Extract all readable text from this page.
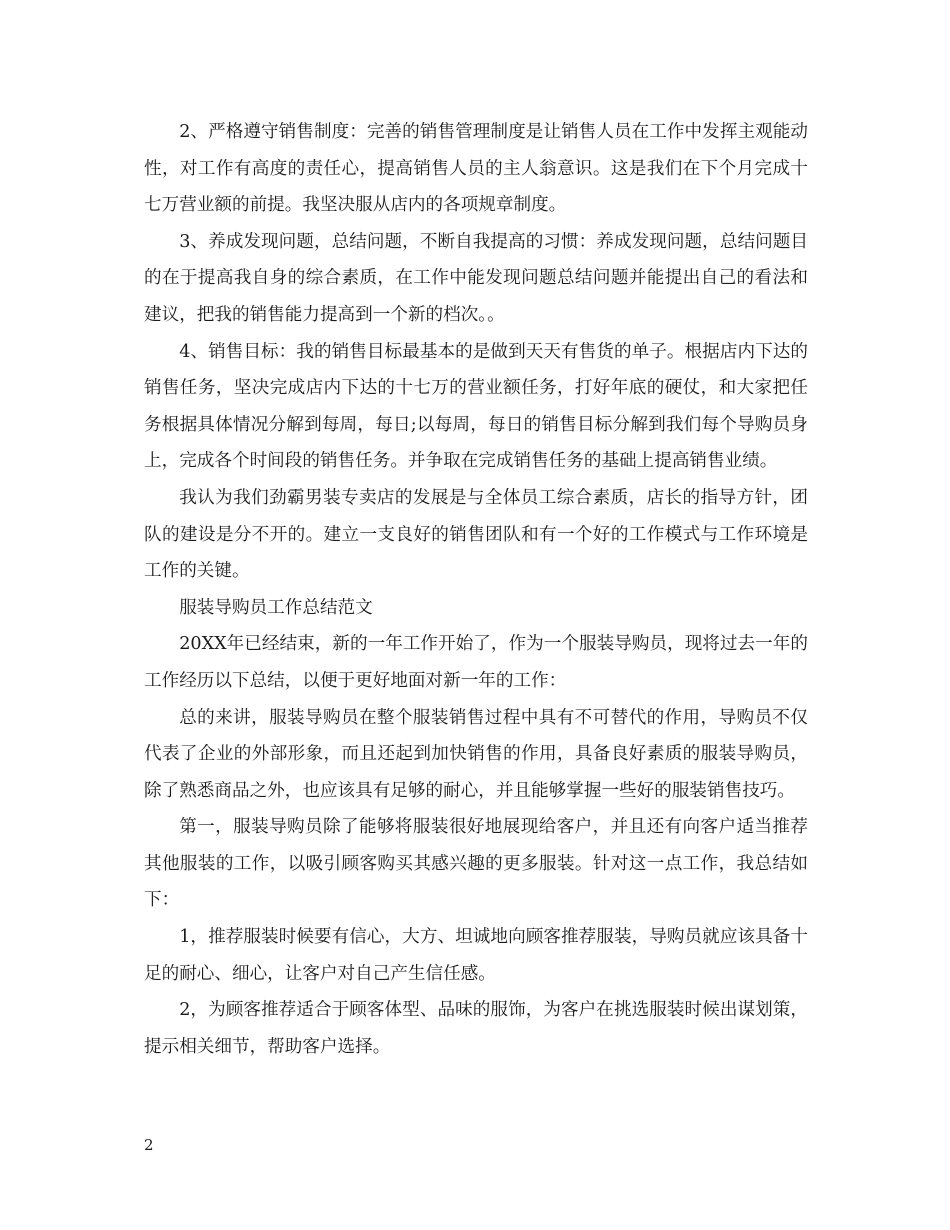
2、严格遵守销售制度：完善的销售管理制度是让销售人员在工作中发挥主观能动性，对工作有高度的责任心，提高销售人员的主人翁意识。这是我们在下个月完成十七万营业额的前提。我坚决服从店内的各项规章制度。

3、养成发现问题，总结问题，不断自我提高的习惯：养成发现问题，总结问题目的在于提高我自身的综合素质，在工作中能发现问题总结问题并能提出自己的看法和建议，把我的销售能力提高到一个新的档次。。

4、销售目标：我的销售目标最基本的是做到天天有售货的单子。根据店内下达的销售任务，坚决完成店内下达的十七万的营业额任务，打好年底的硬仗，和大家把任务根据具体情况分解到每周，每日;以每周，每日的销售目标分解到我们每个导购员身上，完成各个时间段的销售任务。并争取在完成销售任务的基础上提高销售业绩。

我认为我们劲霸男装专卖店的发展是与全体员工综合素质，店长的指导方针，团队的建设是分不开的。建立一支良好的销售团队和有一个好的工作模式与工作环境是工作的关键。

服装导购员工作总结范文

20XX年已经结束，新的一年工作开始了，作为一个服装导购员，现将过去一年的工作经历以下总结，以便于更好地面对新一年的工作：

总的来讲，服装导购员在整个服装销售过程中具有不可替代的作用，导购员不仅代表了企业的外部形象，而且还起到加快销售的作用，具备良好素质的服装导购员，除了熟悉商品之外，也应该具有足够的耐心，并且能够掌握一些好的服装销售技巧。

第一，服装导购员除了能够将服装很好地展现给客户，并且还有向客户适当推荐其他服装的工作，以吸引顾客购买其感兴趣的更多服装。针对这一点工作，我总结如下：

1，推荐服装时候要有信心，大方、坦诚地向顾客推荐服装，导购员就应该具备十足的耐心、细心，让客户对自己产生信任感。

2，为顾客推荐适合于顾客体型、品味的服饰，为客户在挑选服装时候出谋划策，提示相关细节，帮助客户选择。

2
